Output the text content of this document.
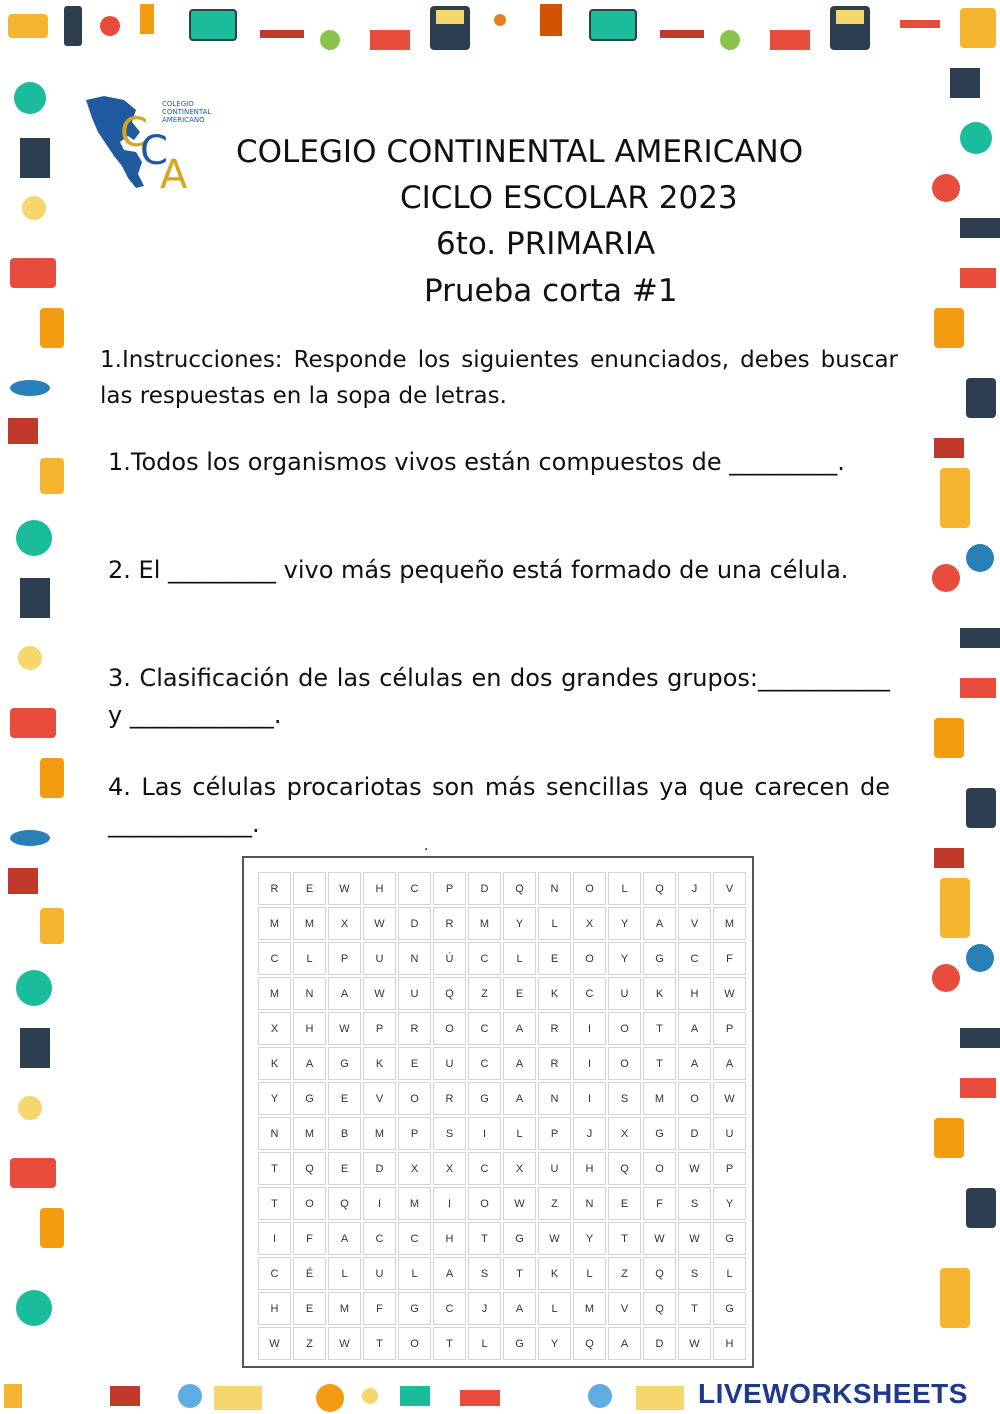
C
C
A
COLEGIO
CONTINENTAL
AMERICANO
COLEGIO CONTINENTAL AMERICANO
CICLO ESCOLAR 2023
6to. PRIMARIA
Prueba corta #1
1.Instrucciones: Responde los siguientes enunciados, debes buscar las respuestas en la sopa de letras.
1.Todos los organismos vivos están compuestos de _________.
2. El _________ vivo más pequeño está formado de una célula.
3. Clasificación de las células en dos grandes grupos:___________ y ____________.
4. Las células procariotas son más sencillas ya que carecen de ____________.
.
R	E	W	H	C	P	D	Q	N	O	L	Q	J	V
M	M	X	W	D	R	M	Y	L	X	Y	A	V	M
C	L	P	U	N	Ú	C	L	E	O	Y	G	C	F
M	N	A	W	U	Q	Z	E	K	C	U	K	H	W
X	H	W	P	R	O	C	A	R	I	O	T	A	P
K	A	G	K	E	U	C	A	R	I	O	T	A	A
Y	G	E	V	O	R	G	A	N	I	S	M	O	W
N	M	B	M	P	S	I	L	P	J	X	G	D	U
T	Q	E	D	X	X	C	X	U	H	Q	O	W	P
T	O	Q	I	M	I	O	W	Z	N	E	F	S	Y
I	F	A	C	C	H	T	G	W	Y	T	W	W	G
C	É	L	U	L	A	S	T	K	L	Z	Q	S	L
H	E	M	F	G	C	J	A	L	M	V	Q	T	G
W	Z	W	T	O	T	L	G	Y	Q	A	D	W	H
LIVEWORKSHEETS
